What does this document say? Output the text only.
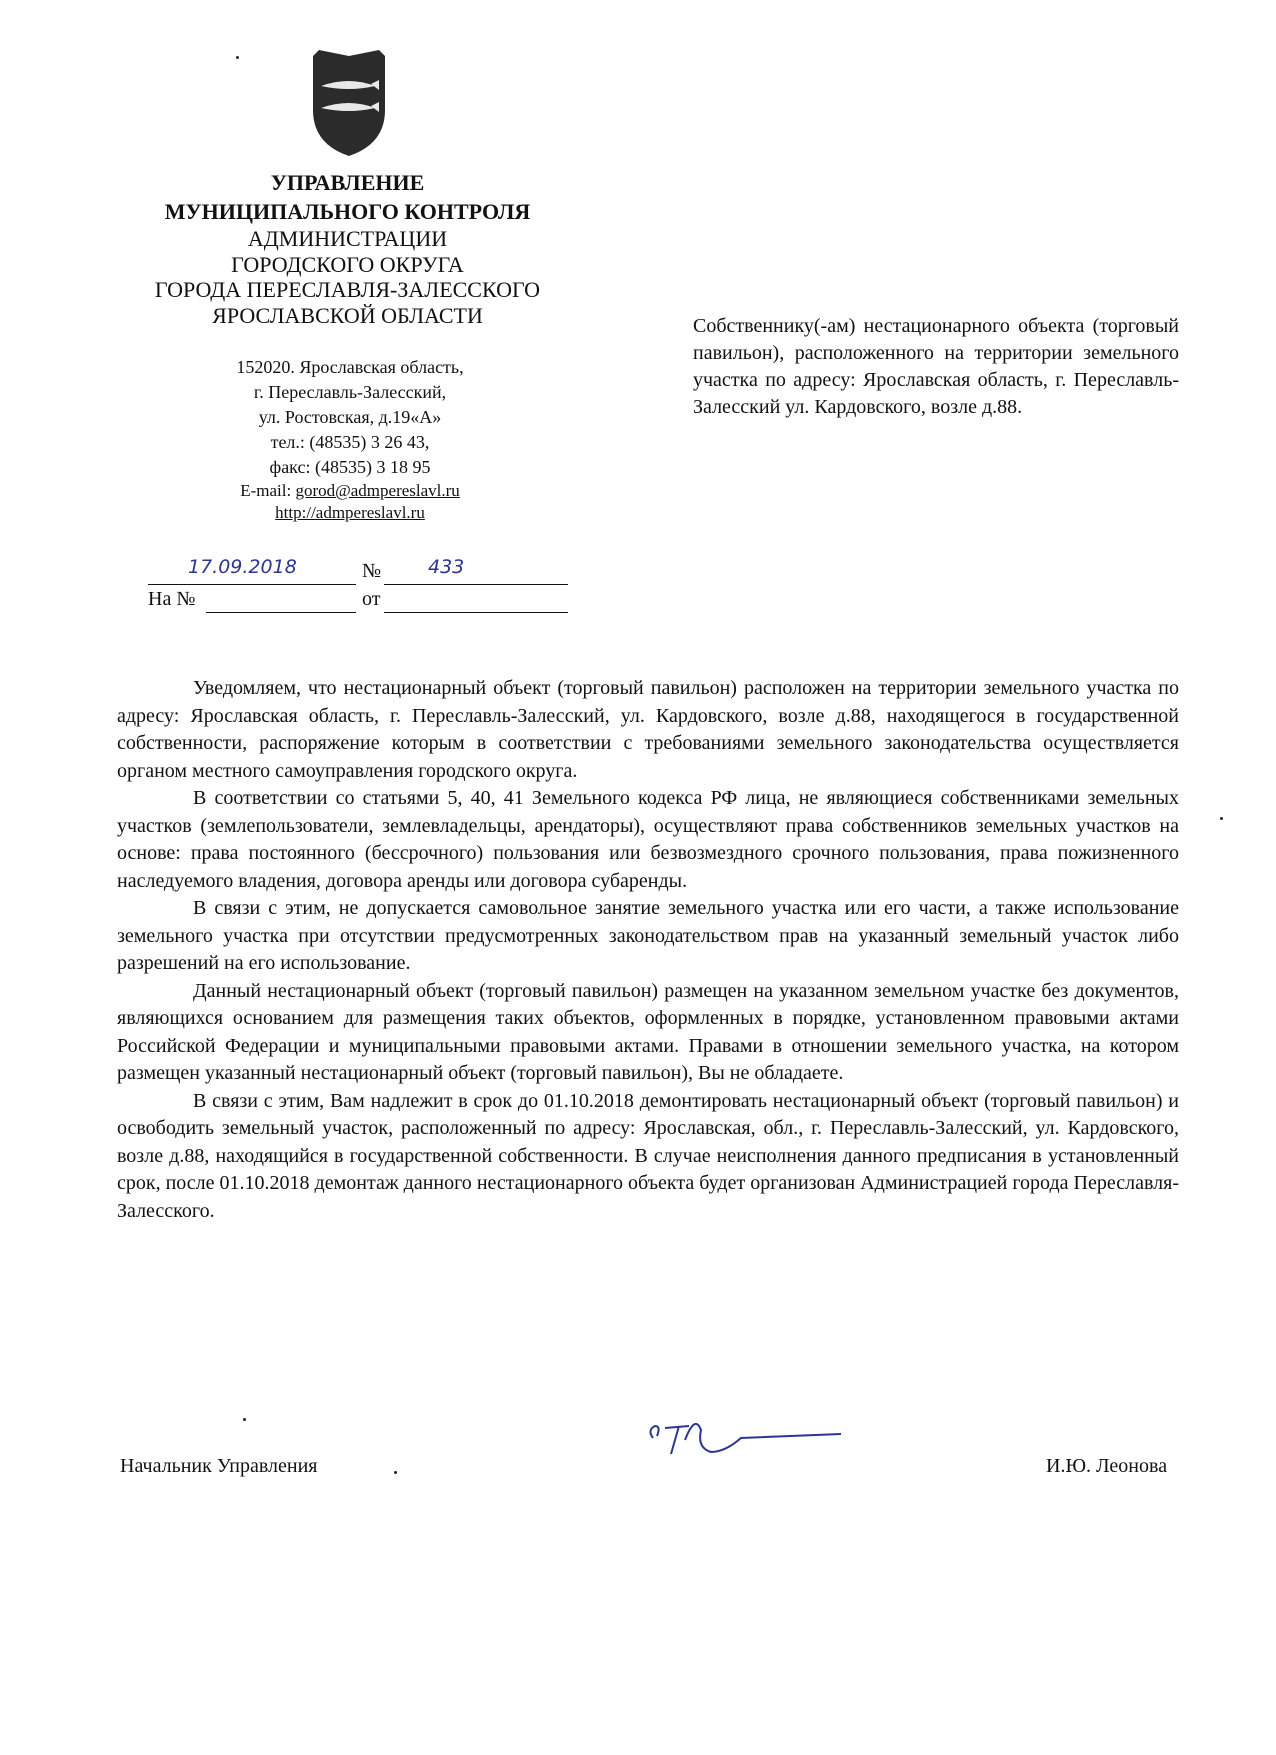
УПРАВЛЕНИЕ
МУНИЦИПАЛЬНОГО КОНТРОЛЯ
АДМИНИСТРАЦИИ
ГОРОДСКОГО ОКРУГА
ГОРОДА ПЕРЕСЛАВЛЯ-ЗАЛЕССКОГО
ЯРОСЛАВСКОЙ ОБЛАСТИ
152020. Ярославская область,
г. Переславль-Залесский,
ул. Ростовская, д.19«А»
тел.: (48535) 3 26 43,
факс: (48535) 3 18 95
E-mail: gorod@admpereslavl.ru
http://admpereslavl.ru
17.09.2018	№ 433
На №	от
Собственнику(-ам) нестационарного объекта (торговый павильон), расположенного на территории земельного участка по адресу: Ярославская область, г. Переславль-Залесский ул. Кардовского, возле д.88.

Уведомляем, что нестационарный объект (торговый павильон) расположен на территории земельного участка по адресу: Ярославская область, г. Переславль-Залесский, ул. Кардовского, возле д.88, находящегося в государственной собственности, распоряжение которым в соответствии с требованиями земельного законодательства осуществляется органом местного самоуправления городского округа.

В соответствии со статьями 5, 40, 41 Земельного кодекса РФ лица, не являющиеся собственниками земельных участков (землепользователи, землевладельцы, арендаторы), осуществляют права собственников земельных участков на основе: права постоянного (бессрочного) пользования или безвозмездного срочного пользования, права пожизненного наследуемого владения, договора аренды или договора субаренды.

В связи с этим, не допускается самовольное занятие земельного участка или его части, а также использование земельного участка при отсутствии предусмотренных законодательством прав на указанный земельный участок либо разрешений на его использование.

Данный нестационарный объект (торговый павильон) размещен на указанном земельном участке без документов, являющихся основанием для размещения таких объектов, оформленных в порядке, установленном правовыми актами Российской Федерации и муниципальными правовыми актами. Правами в отношении земельного участка, на котором размещен указанный нестационарный объект (торговый павильон), Вы не обладаете.

В связи с этим, Вам надлежит в срок до 01.10.2018 демонтировать нестационарный объект (торговый павильон) и освободить земельный участок, расположенный по адресу: Ярославская, обл., г. Переславль-Залесский, ул. Кардовского, возле д.88, находящийся в государственной собственности. В случае неисполнения данного предписания в установленный срок, после 01.10.2018 демонтаж данного нестационарного объекта будет организован Администрацией города Переславля-Залесского.

Начальник Управления	И.Ю. Леонова
